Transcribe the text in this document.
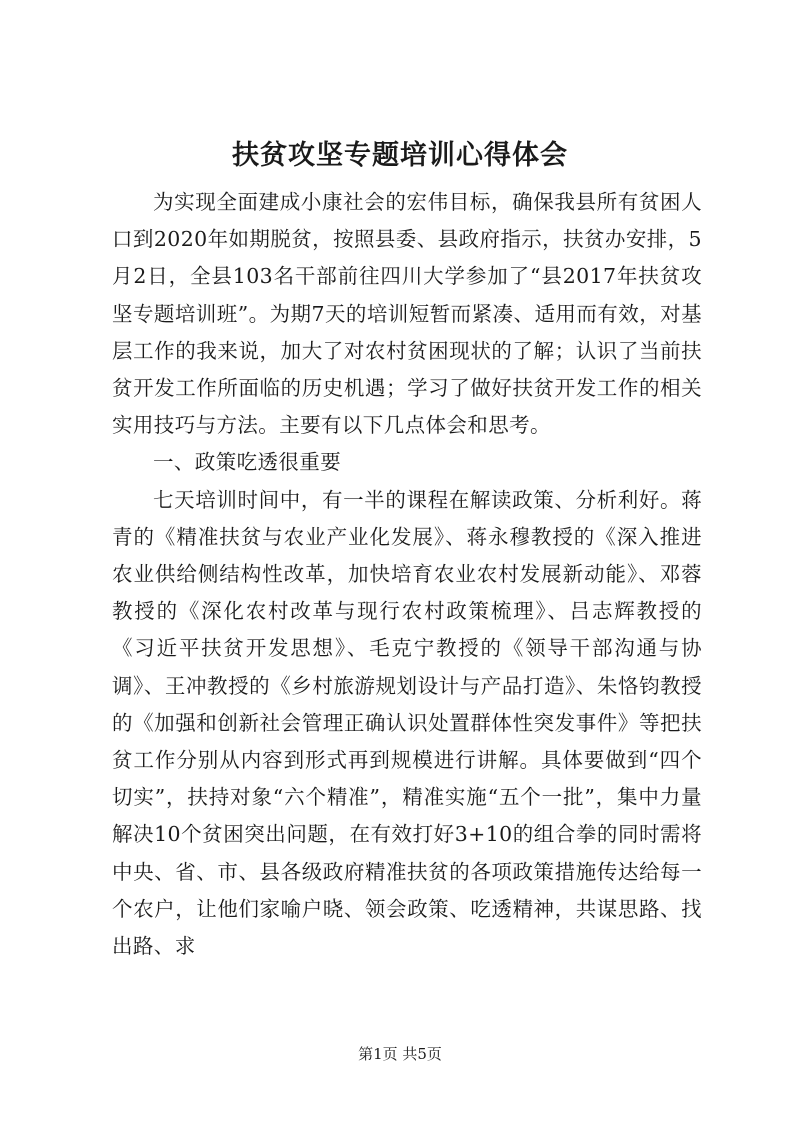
扶贫攻坚专题培训心得体会

为实现全面建成小康社会的宏伟目标，确保我县所有贫困人口到2020年如期脱贫，按照县委、县政府指示，扶贫办安排，5月2日，全县103名干部前往四川大学参加了“县2017年扶贫攻坚专题培训班”。为期7天的培训短暂而紧凑、适用而有效，对基层工作的我来说，加大了对农村贫困现状的了解；认识了当前扶贫开发工作所面临的历史机遇；学习了做好扶贫开发工作的相关实用技巧与方法。主要有以下几点体会和思考。

一、政策吃透很重要

七天培训时间中，有一半的课程在解读政策、分析利好。蒋青的《精准扶贫与农业产业化发展》、蒋永穆教授的《深入推进农业供给侧结构性改革，加快培育农业农村发展新动能》、邓蓉教授的《深化农村改革与现行农村政策梳理》、吕志辉教授的《习近平扶贫开发思想》、毛克宁教授的《领导干部沟通与协调》、王冲教授的《乡村旅游规划设计与产品打造》、朱恪钧教授的《加强和创新社会管理正确认识处置群体性突发事件》等把扶贫工作分别从内容到形式再到规模进行讲解。具体要做到“四个切实”，扶持对象“六个精准”，精准实施“五个一批”，集中力量解决10个贫困突出问题，在有效打好3+10的组合拳的同时需将中央、省、市、县各级政府精准扶贫的各项政策措施传达给每一个农户，让他们家喻户晓、领会政策、吃透精神，共谋思路、找出路、求

第1页 共5页
